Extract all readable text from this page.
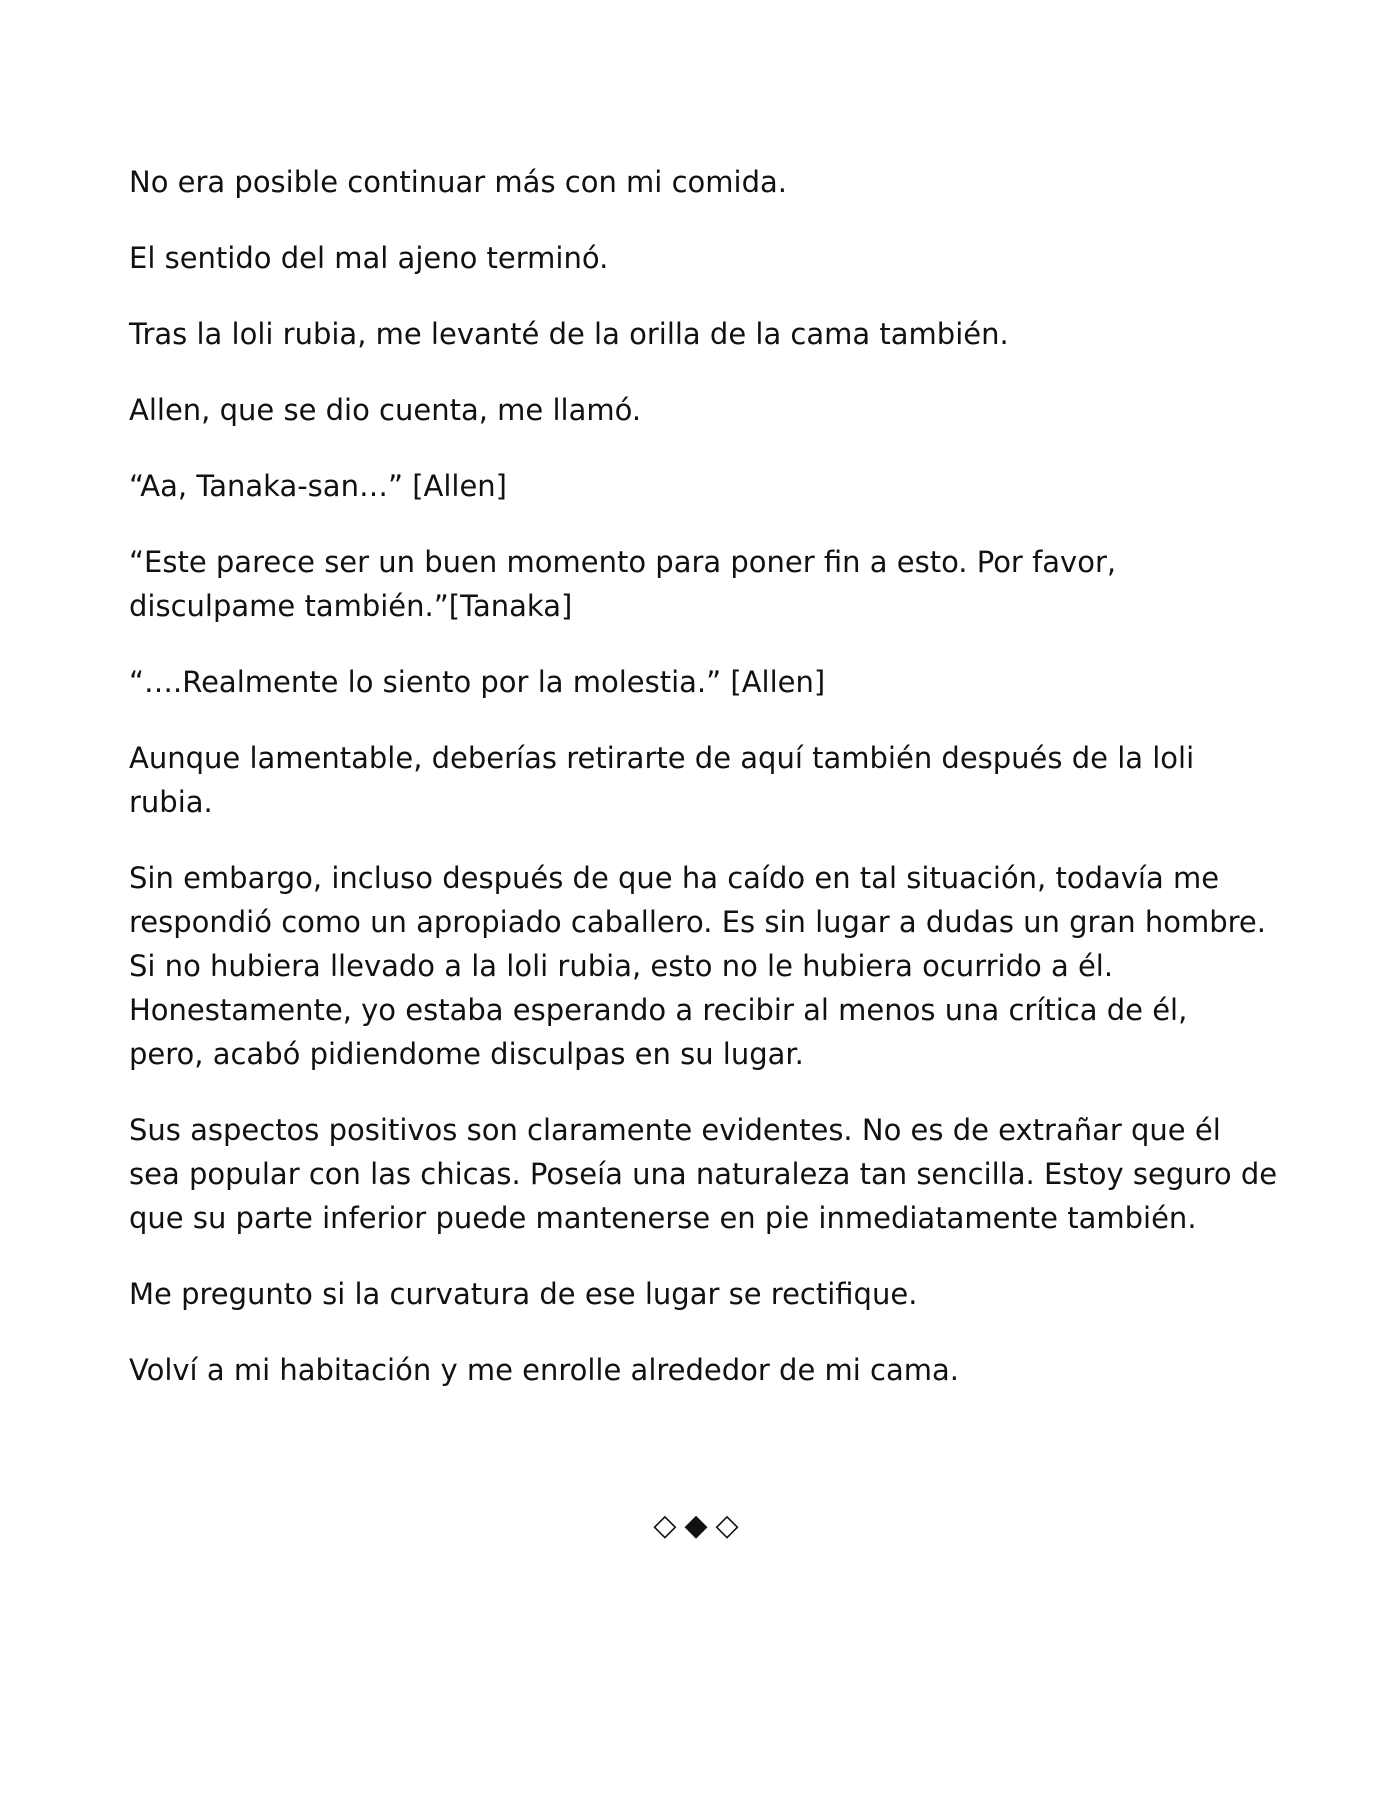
No era posible continuar más con mi comida.

El sentido del mal ajeno terminó.

Tras la loli rubia, me levanté de la orilla de la cama también.

Allen, que se dio cuenta, me llamó.

“Aa, Tanaka-san…” [Allen]

“Este parece ser un buen momento para poner fin a esto. Por favor,
disculpame también.”[Tanaka]

“….Realmente lo siento por la molestia.” [Allen]

Aunque lamentable, deberías retirarte de aquí también después de la loli
rubia.

Sin embargo, incluso después de que ha caído en tal situación, todavía me
respondió como un apropiado caballero. Es sin lugar a dudas un gran hombre.
Si no hubiera llevado a la loli rubia, esto no le hubiera ocurrido a él.
Honestamente, yo estaba esperando a recibir al menos una crítica de él,
pero, acabó pidiendome disculpas en su lugar.

Sus aspectos positivos son claramente evidentes. No es de extrañar que él
sea popular con las chicas. Poseía una naturaleza tan sencilla. Estoy seguro de
que su parte inferior puede mantenerse en pie inmediatamente también.

Me pregunto si la curvatura de ese lugar se rectifique.

Volví a mi habitación y me enrolle alrededor de mi cama.

◇◆◇
